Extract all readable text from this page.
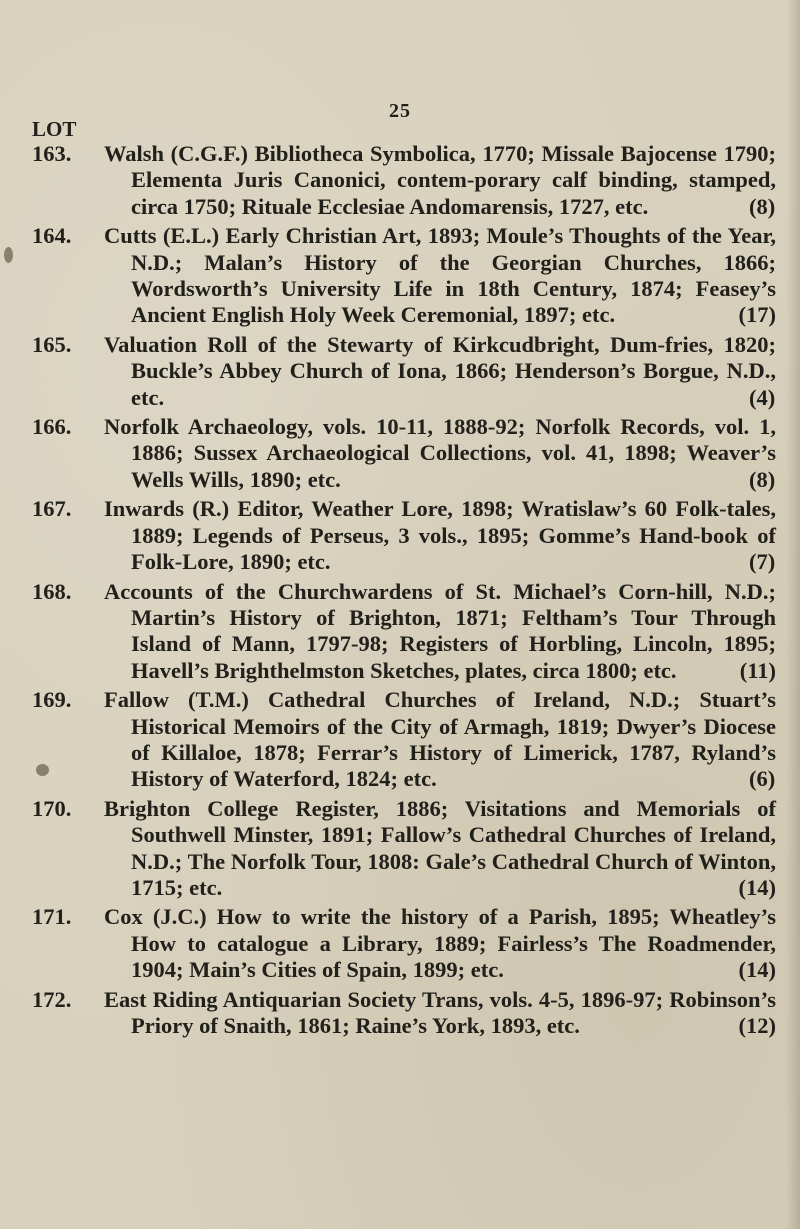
25
LOT
163.	Walsh (C.G.F.) Bibliotheca Symbolica, 1770; Missale Bajocense 1790; Elementa Juris Canonici, contem-porary calf binding, stamped, circa 1750; Rituale Ecclesiae Andomarensis, 1727, etc.	(8)
164.	Cutts (E.L.) Early Christian Art, 1893; Moule’s Thoughts of the Year, N.D.; Malan’s History of the Georgian Churches, 1866; Wordsworth’s University Life in 18th Century, 1874; Feasey’s Ancient English Holy Week Ceremonial, 1897; etc.	(17)
165.	Valuation Roll of the Stewarty of Kirkcudbright, Dum-fries, 1820; Buckle’s Abbey Church of Iona, 1866; Henderson’s Borgue, N.D., etc.	(4)
166.	Norfolk Archaeology, vols. 10-11, 1888-92; Norfolk Records, vol. 1, 1886; Sussex Archaeological Collections, vol. 41, 1898; Weaver’s Wells Wills, 1890; etc.	(8)
167.	Inwards (R.) Editor, Weather Lore, 1898; Wratislaw’s 60 Folk-tales, 1889; Legends of Perseus, 3 vols., 1895; Gomme’s Hand-book of Folk-Lore, 1890; etc.	(7)
168.	Accounts of the Churchwardens of St. Michael’s Corn-hill, N.D.; Martin’s History of Brighton, 1871; Feltham’s Tour Through Island of Mann, 1797-98; Registers of Horbling, Lincoln, 1895; Havell’s Brighthelmston Sketches, plates, circa 1800; etc.	(11)
169.	Fallow (T.M.) Cathedral Churches of Ireland, N.D.; Stuart’s Historical Memoirs of the City of Armagh, 1819; Dwyer’s Diocese of Killaloe, 1878; Ferrar’s History of Limerick, 1787, Ryland’s History of Waterford, 1824; etc.	(6)
170.	Brighton College Register, 1886; Visitations and Memorials of Southwell Minster, 1891; Fallow’s Cathedral Churches of Ireland, N.D.; The Norfolk Tour, 1808: Gale’s Cathedral Church of Winton, 1715; etc.	(14)
171.	Cox (J.C.) How to write the history of a Parish, 1895; Wheatley’s How to catalogue a Library, 1889; Fairless’s The Roadmender, 1904; Main’s Cities of Spain, 1899; etc.	(14)
172.	East Riding Antiquarian Society Trans, vols. 4-5, 1896-97; Robinson’s Priory of Snaith, 1861; Raine’s York, 1893, etc.	(12)
